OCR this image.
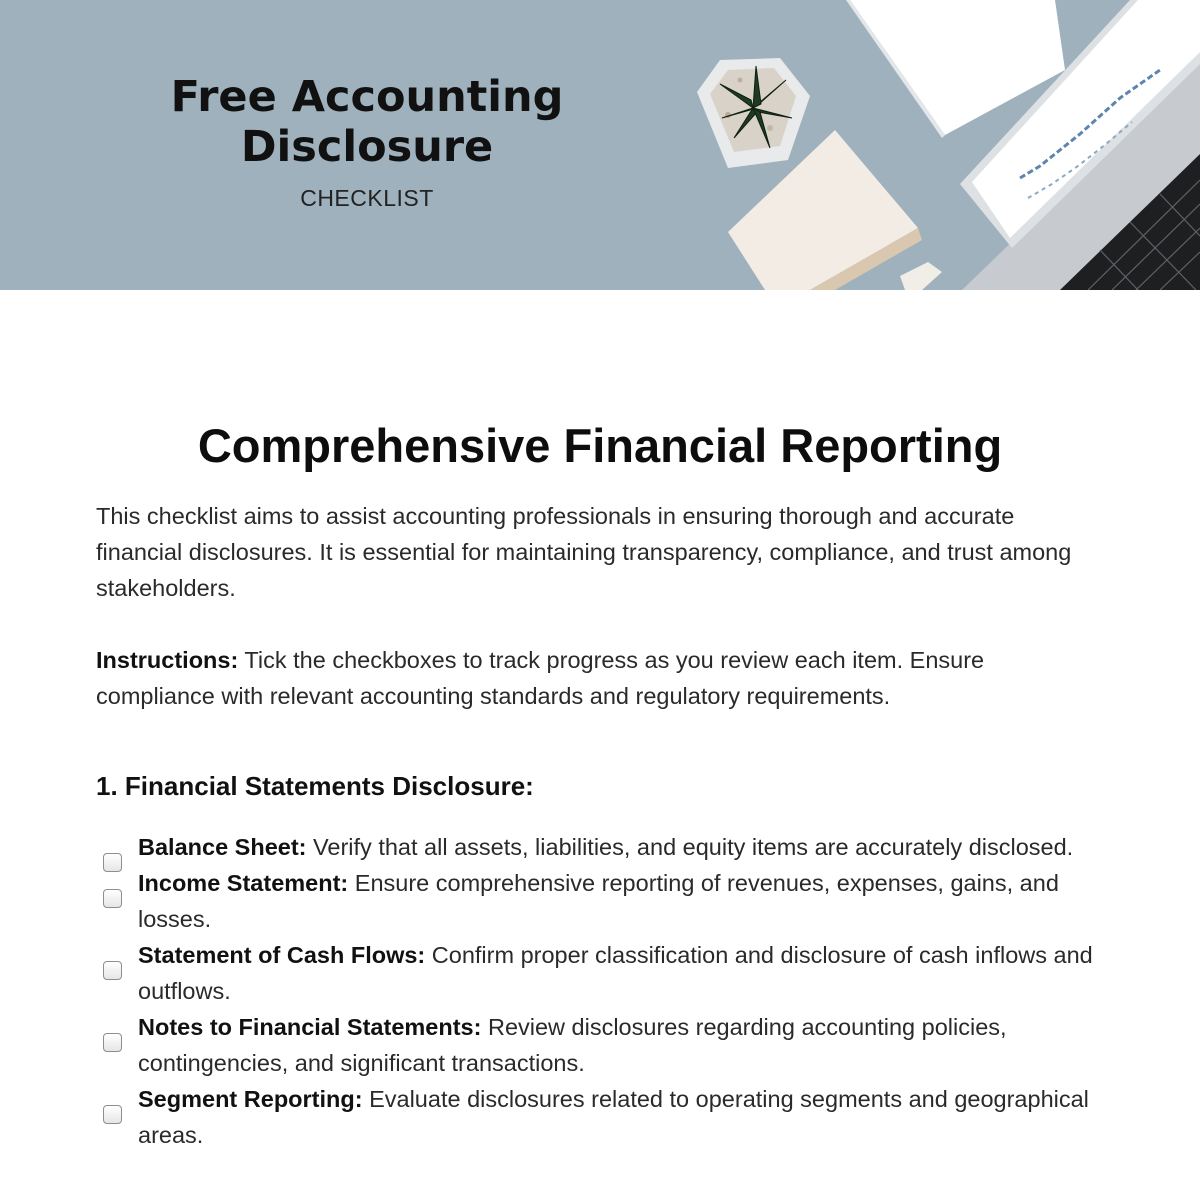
Free Accounting Disclosure
CHECKLIST
Comprehensive Financial Reporting

This checklist aims to assist accounting professionals in ensuring thorough and accurate financial disclosures. It is essential for maintaining transparency, compliance, and trust among stakeholders.

Instructions: Tick the checkboxes to track progress as you review each item. Ensure compliance with relevant accounting standards and regulatory requirements.

1. Financial Statements Disclosure:
Balance Sheet: Verify that all assets, liabilities, and equity items are accurately disclosed.
Income Statement: Ensure comprehensive reporting of revenues, expenses, gains, and losses.
Statement of Cash Flows: Confirm proper classification and disclosure of cash inflows and outflows.
Notes to Financial Statements: Review disclosures regarding accounting policies, contingencies, and significant transactions.
Segment Reporting: Evaluate disclosures related to operating segments and geographical areas.
